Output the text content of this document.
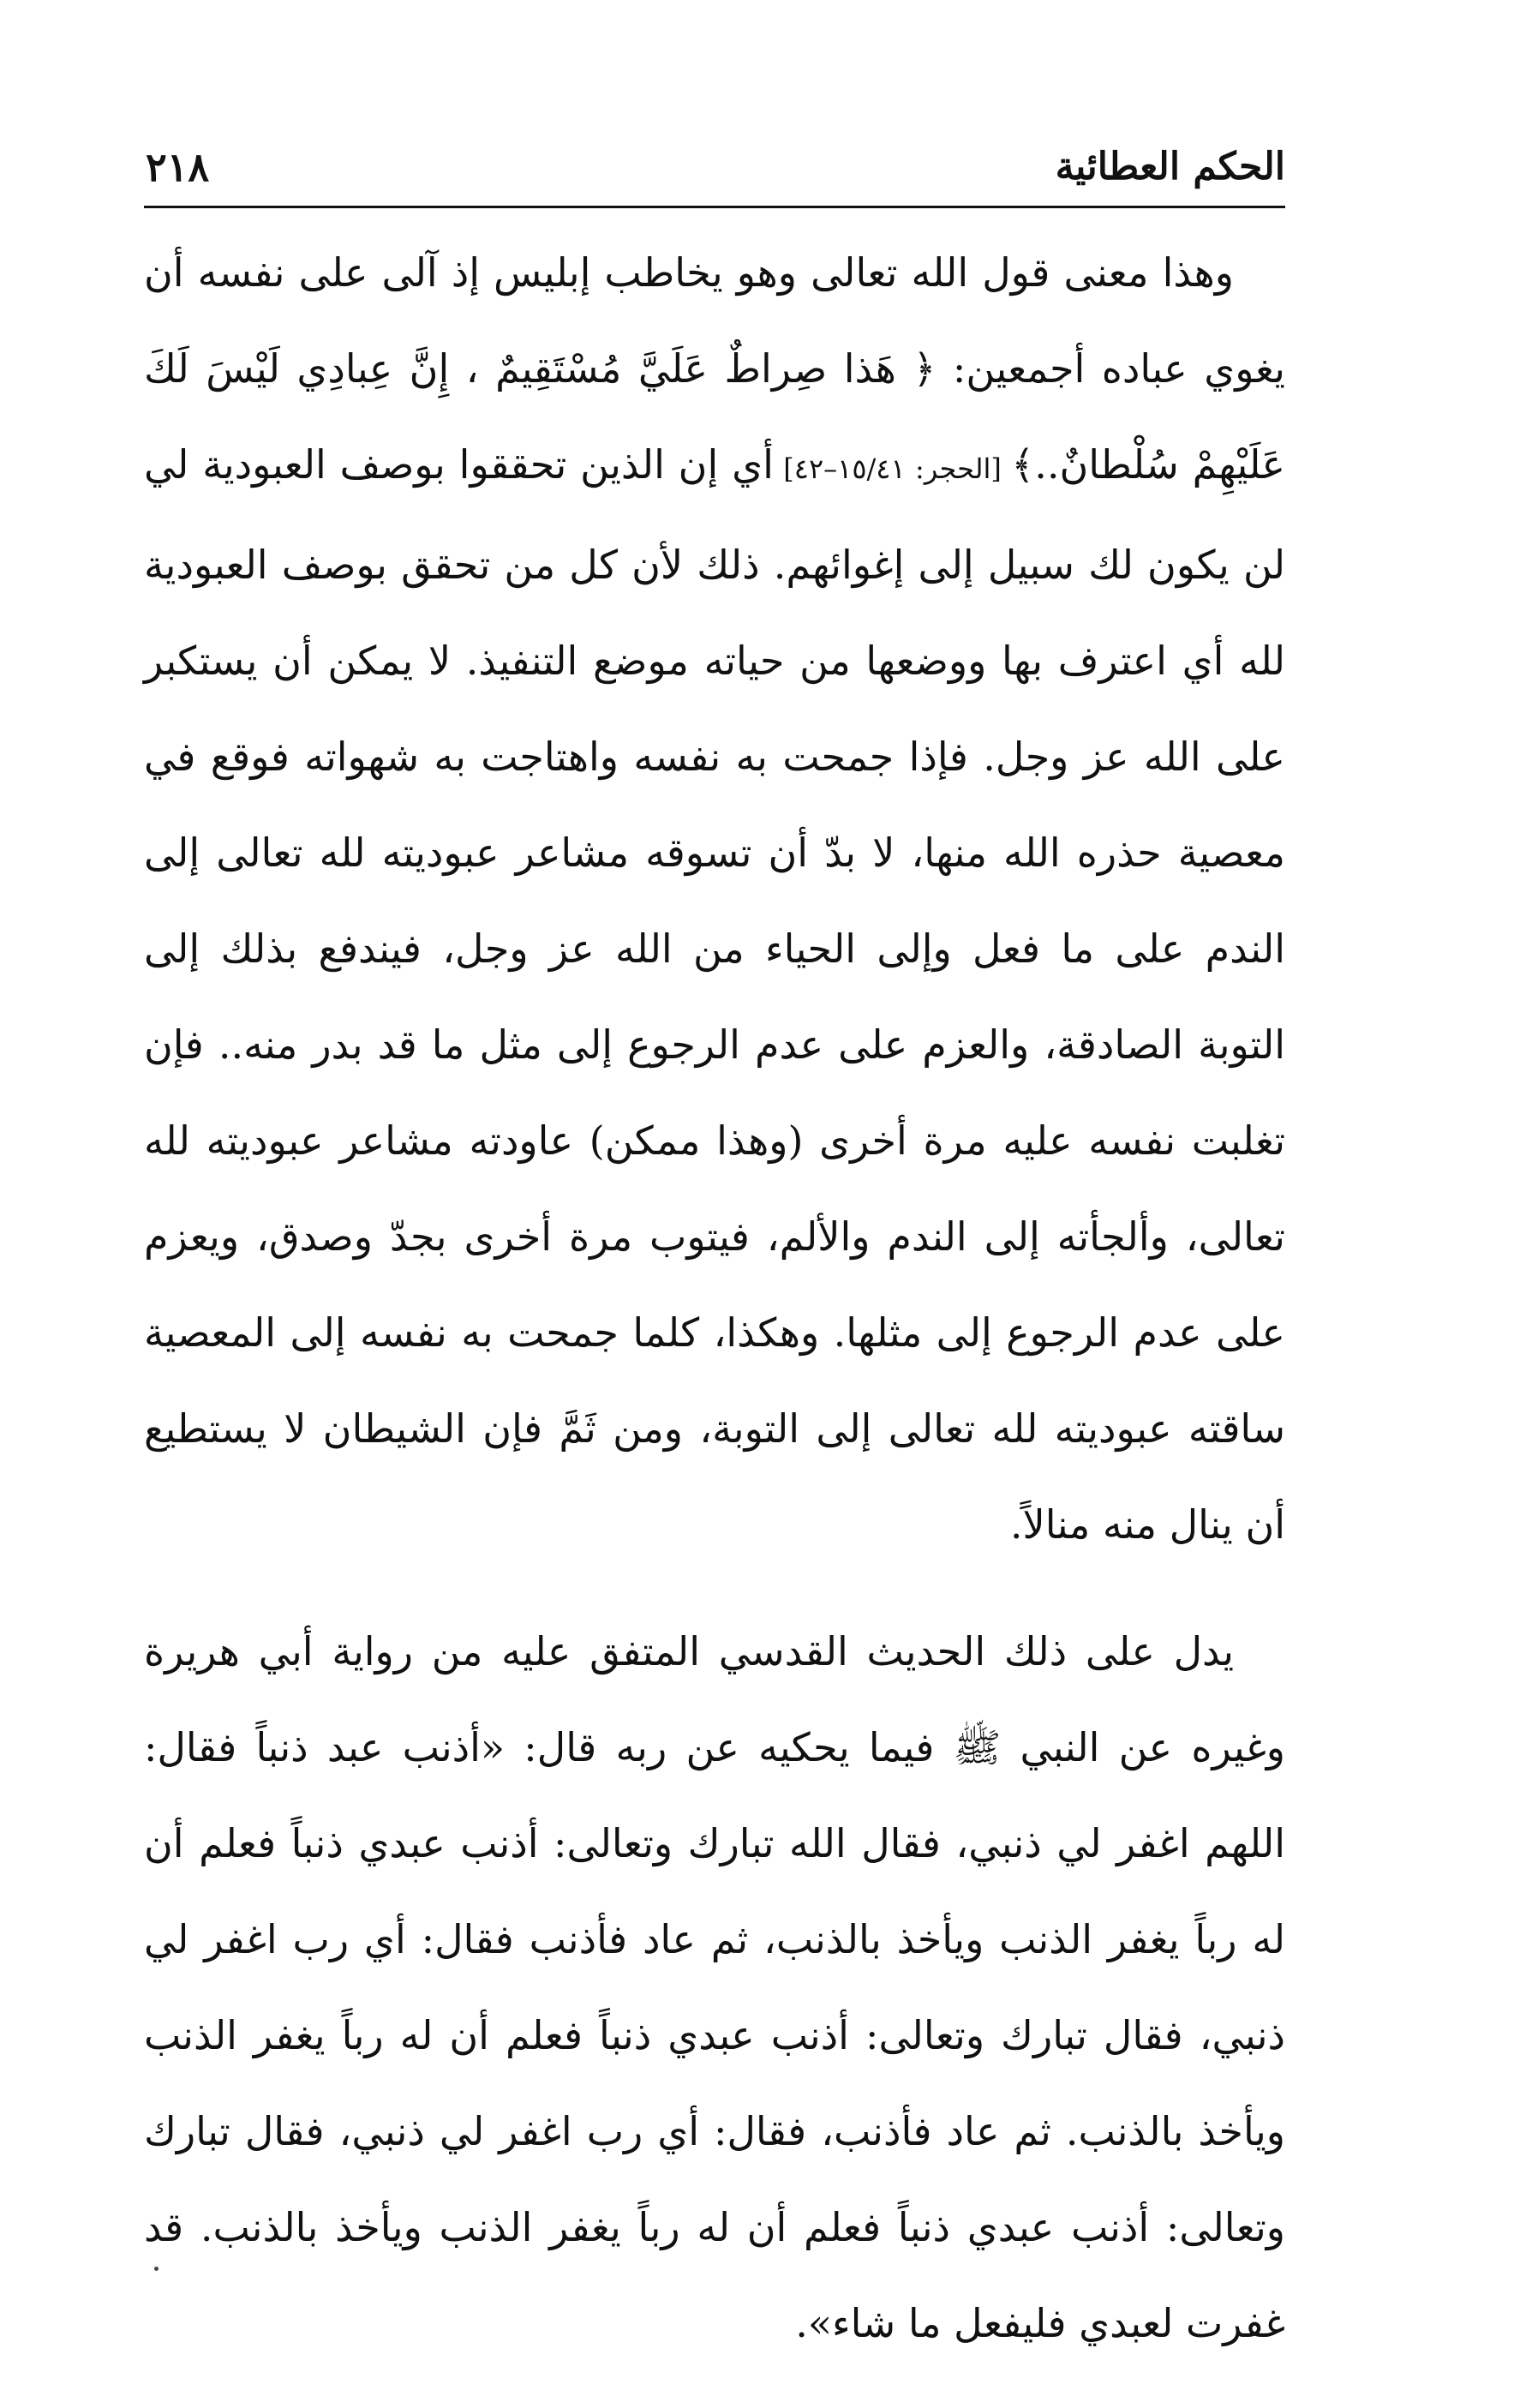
الحكم العطائية
٢١٨

وهذا معنى قول الله تعالى وهو يخاطب إبليس إذ آلى على نفسه أن يغوي عباده أجمعين: ﴿ هَذا صِراطٌ عَلَيَّ مُسْتَقِيمٌ ، إِنَّ عِبادِي لَيْسَ لَكَ عَلَيْهِمْ سُلْطانٌ..﴾ [الحجر: ١٥/٤١–٤٢] أي إن الذين تحققوا بوصف العبودية لي لن يكون لك سبيل إلى إغوائهم. ذلك لأن كل من تحقق بوصف العبودية لله أي اعترف بها ووضعها من حياته موضع التنفيذ. لا يمكن أن يستكبر على الله عز وجل. فإذا جمحت به نفسه واهتاجت به شهواته فوقع في معصية حذره الله منها، لا بدّ أن تسوقه مشاعر عبوديته لله تعالى إلى الندم على ما فعل وإلى الحياء من الله عز وجل، فيندفع بذلك إلى التوبة الصادقة، والعزم على عدم الرجوع إلى مثل ما قد بدر منه.. فإن تغلبت نفسه عليه مرة أخرى (وهذا ممكن) عاودته مشاعر عبوديته لله تعالى، وألجأته إلى الندم والألم، فيتوب مرة أخرى بجدّ وصدق، ويعزم على عدم الرجوع إلى مثلها. وهكذا، كلما جمحت به نفسه إلى المعصية ساقته عبوديته لله تعالى إلى التوبة، ومن ثَمَّ فإن الشيطان لا يستطيع أن ينال منه منالاً.

يدل على ذلك الحديث القدسي المتفق عليه من رواية أبي هريرة وغيره عن النبي ﷺ فيما يحكيه عن ربه قال: «أذنب عبد ذنباً فقال: اللهم اغفر لي ذنبي، فقال الله تبارك وتعالى: أذنب عبدي ذنباً فعلم أن له رباً يغفر الذنب ويأخذ بالذنب، ثم عاد فأذنب فقال: أي رب اغفر لي ذنبي، فقال تبارك وتعالى: أذنب عبدي ذنباً فعلم أن له رباً يغفر الذنب ويأخذ بالذنب. ثم عاد فأذنب، فقال: أي رب اغفر لي ذنبي، فقال تبارك وتعالى: أذنب عبدي ذنباً فعلم أن له رباً يغفر الذنب ويأخذ بالذنب. قد غفرت لعبدي فليفعل ما شاء».
